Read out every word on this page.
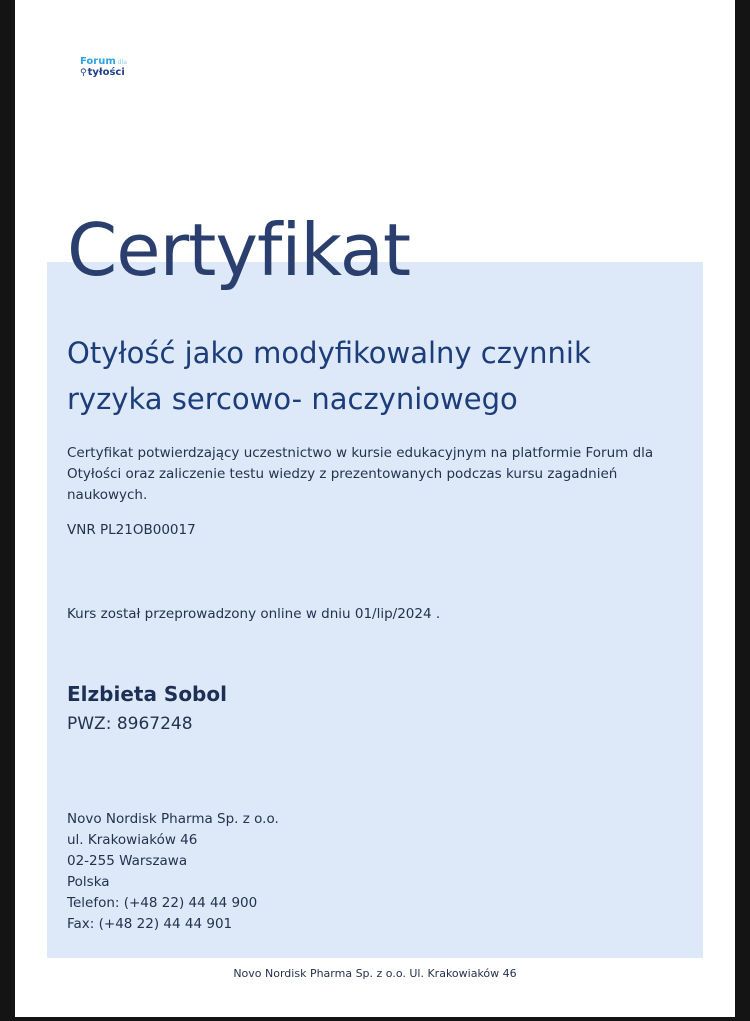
Forum dla
⚲ tyłości
Certyfikat
Otyłość jako modyfikowalny czynnik ryzyka sercowo- naczyniowego

Certyfikat potwierdzający uczestnictwo w kursie edukacyjnym na platformie Forum dla Otyłości oraz zaliczenie testu wiedzy z prezentowanych podczas kursu zagadnień naukowych.

VNR PL21OB00017

Kurs został przeprowadzony online w dniu 01/lip/2024 .

Elzbieta Sobol

PWZ: 8967248

Novo Nordisk Pharma Sp. z o.o.
ul. Krakowiaków 46
02-255 Warszawa
Polska
Telefon: (+48 22) 44 44 900
Fax: (+48 22) 44 44 901
Novo Nordisk Pharma Sp. z o.o. Ul. Krakowiaków 46
